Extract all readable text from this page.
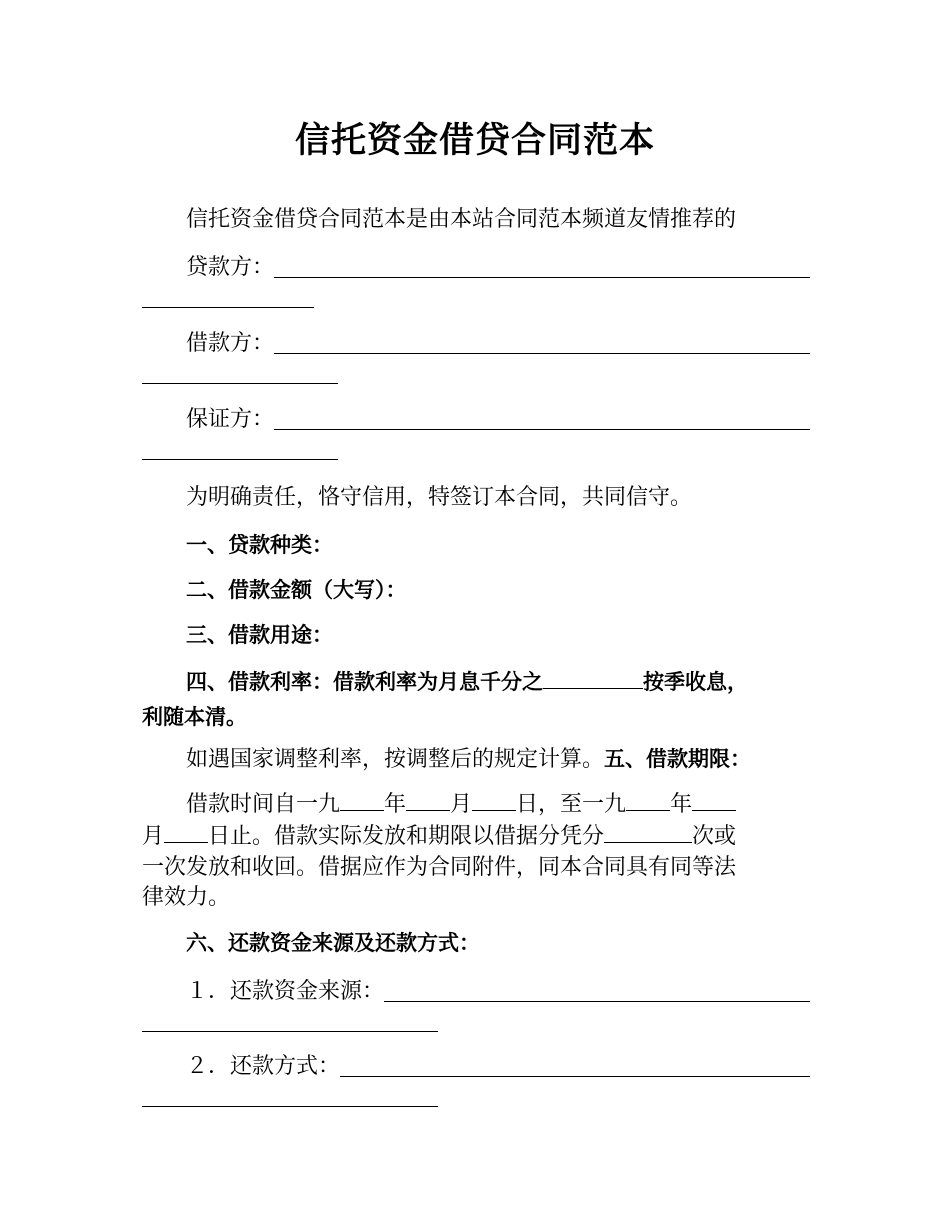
信托资金借贷合同范本
信托资金借贷合同范本是由本站合同范本频道友情推荐的
贷款方：
借款方：
保证方：
为明确责任，恪守信用，特签订本合同，共同信守。
一、贷款种类：
二、借款金额（大写）：
三、借款用途：
四、借款利率：借款利率为月息千分之	按季收息，
利随本清。
如遇国家调整利率，按调整后的规定计算。五、借款期限：
借款时间自一九 年 月 日，至一九 年
月 日止。借款实际发放和期限以借据分凭分	次或
一次发放和收回。借据应作为合同附件，同本合同具有同等法
律效力。
六、还款资金来源及还款方式：
１．还款资金来源：
２．还款方式：
